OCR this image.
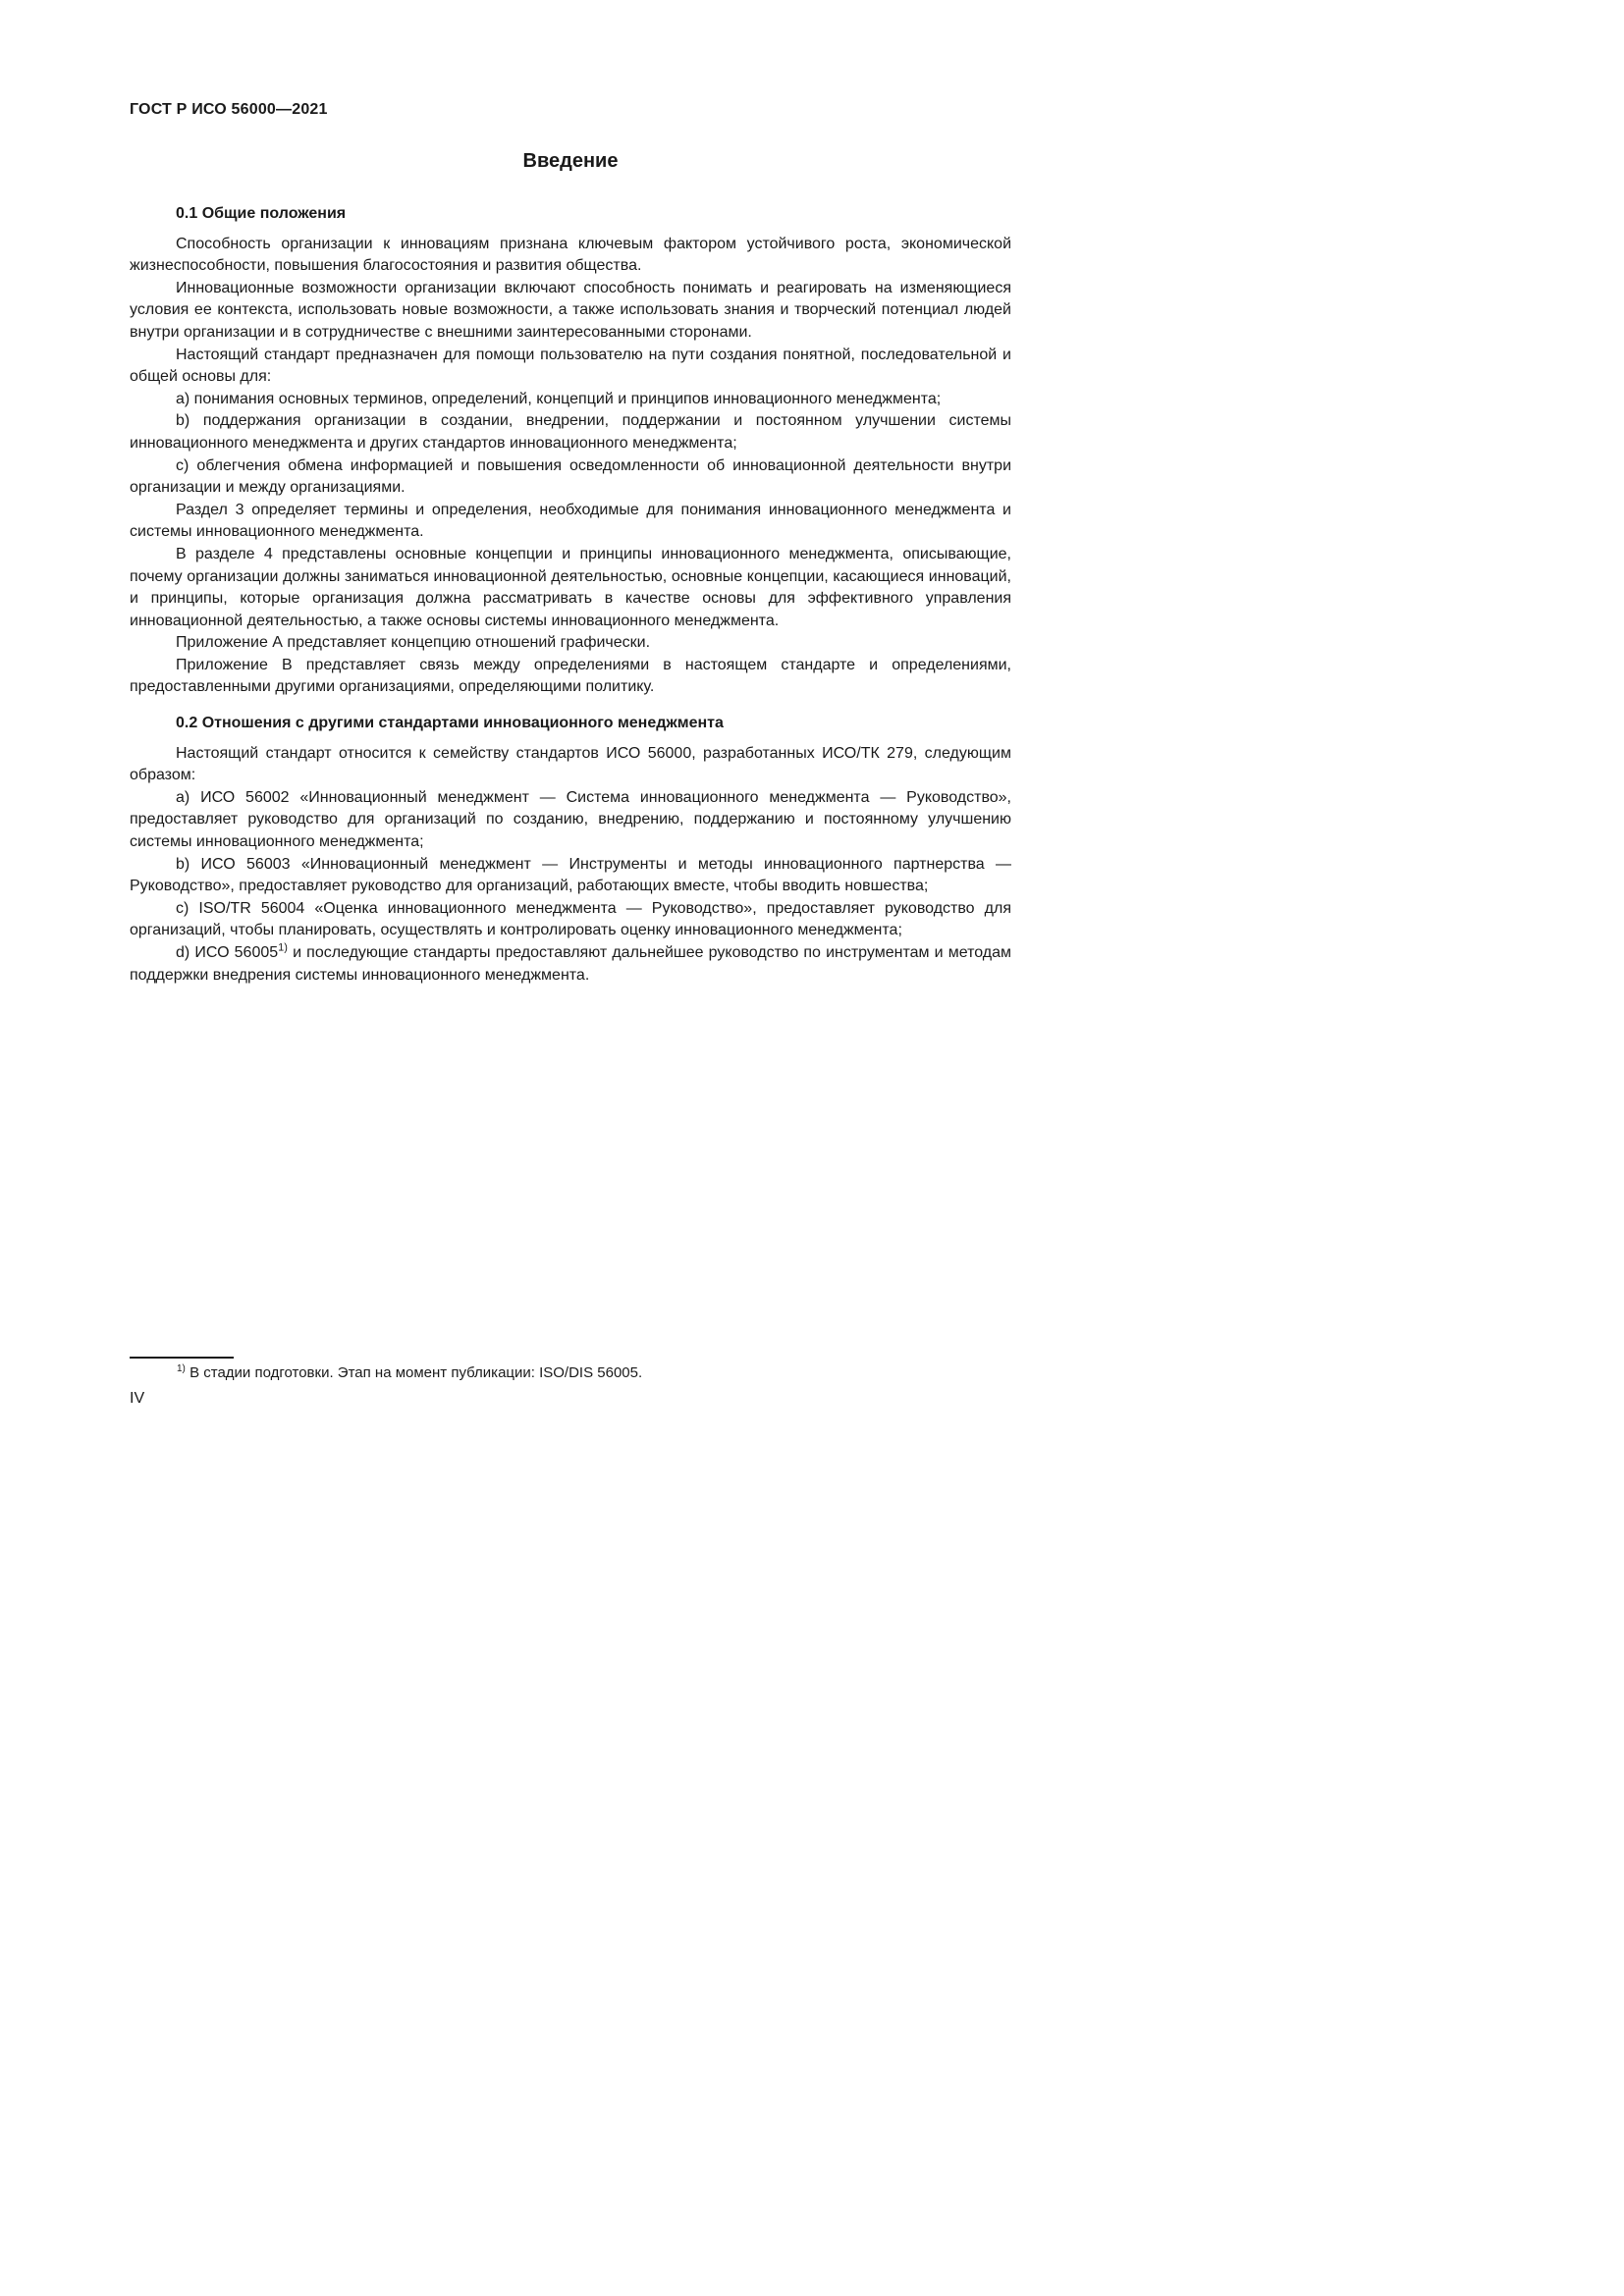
ГОСТ Р ИСО 56000—2021
Введение
0.1 Общие положения

Способность организации к инновациям признана ключевым фактором устойчивого роста, экономической жизнеспособности, повышения благосостояния и развития общества.

Инновационные возможности организации включают способность понимать и реагировать на изменяющиеся условия ее контекста, использовать новые возможности, а также использовать знания и творческий потенциал людей внутри организации и в сотрудничестве с внешними заинтересованными сторонами.

Настоящий стандарт предназначен для помощи пользователю на пути создания понятной, последовательной и общей основы для:

a) понимания основных терминов, определений, концепций и принципов инновационного менеджмента;

b) поддержания организации в создании, внедрении, поддержании и постоянном улучшении системы инновационного менеджмента и других стандартов инновационного менеджмента;

c) облегчения обмена информацией и повышения осведомленности об инновационной деятельности внутри организации и между организациями.

Раздел 3 определяет термины и определения, необходимые для понимания инновационного менеджмента и системы инновационного менеджмента.

В разделе 4 представлены основные концепции и принципы инновационного менеджмента, описывающие, почему организации должны заниматься инновационной деятельностью, основные концепции, касающиеся инноваций, и принципы, которые организация должна рассматривать в качестве основы для эффективного управления инновационной деятельностью, а также основы системы инновационного менеджмента.

Приложение А представляет концепцию отношений графически.

Приложение В представляет связь между определениями в настоящем стандарте и определениями, предоставленными другими организациями, определяющими политику.

0.2 Отношения с другими стандартами инновационного менеджмента

Настоящий стандарт относится к семейству стандартов ИСО 56000, разработанных ИСО/ТК 279, следующим образом:

a) ИСО 56002 «Инновационный менеджмент — Система инновационного менеджмента — Руководство», предоставляет руководство для организаций по созданию, внедрению, поддержанию и постоянному улучшению системы инновационного менеджмента;

b) ИСО 56003 «Инновационный менеджмент — Инструменты и методы инновационного партнерства — Руководство», предоставляет руководство для организаций, работающих вместе, чтобы вводить новшества;

c) ISO/TR 56004 «Оценка инновационного менеджмента — Руководство», предоставляет руководство для организаций, чтобы планировать, осуществлять и контролировать оценку инновационного менеджмента;

d) ИСО 56005$^{1)}$ и последующие стандарты предоставляют дальнейшее руководство по инструментам и методам поддержки внедрения системы инновационного менеджмента.

$^{1)}$ В стадии подготовки. Этап на момент публикации: ISO/DIS 56005.
IV
